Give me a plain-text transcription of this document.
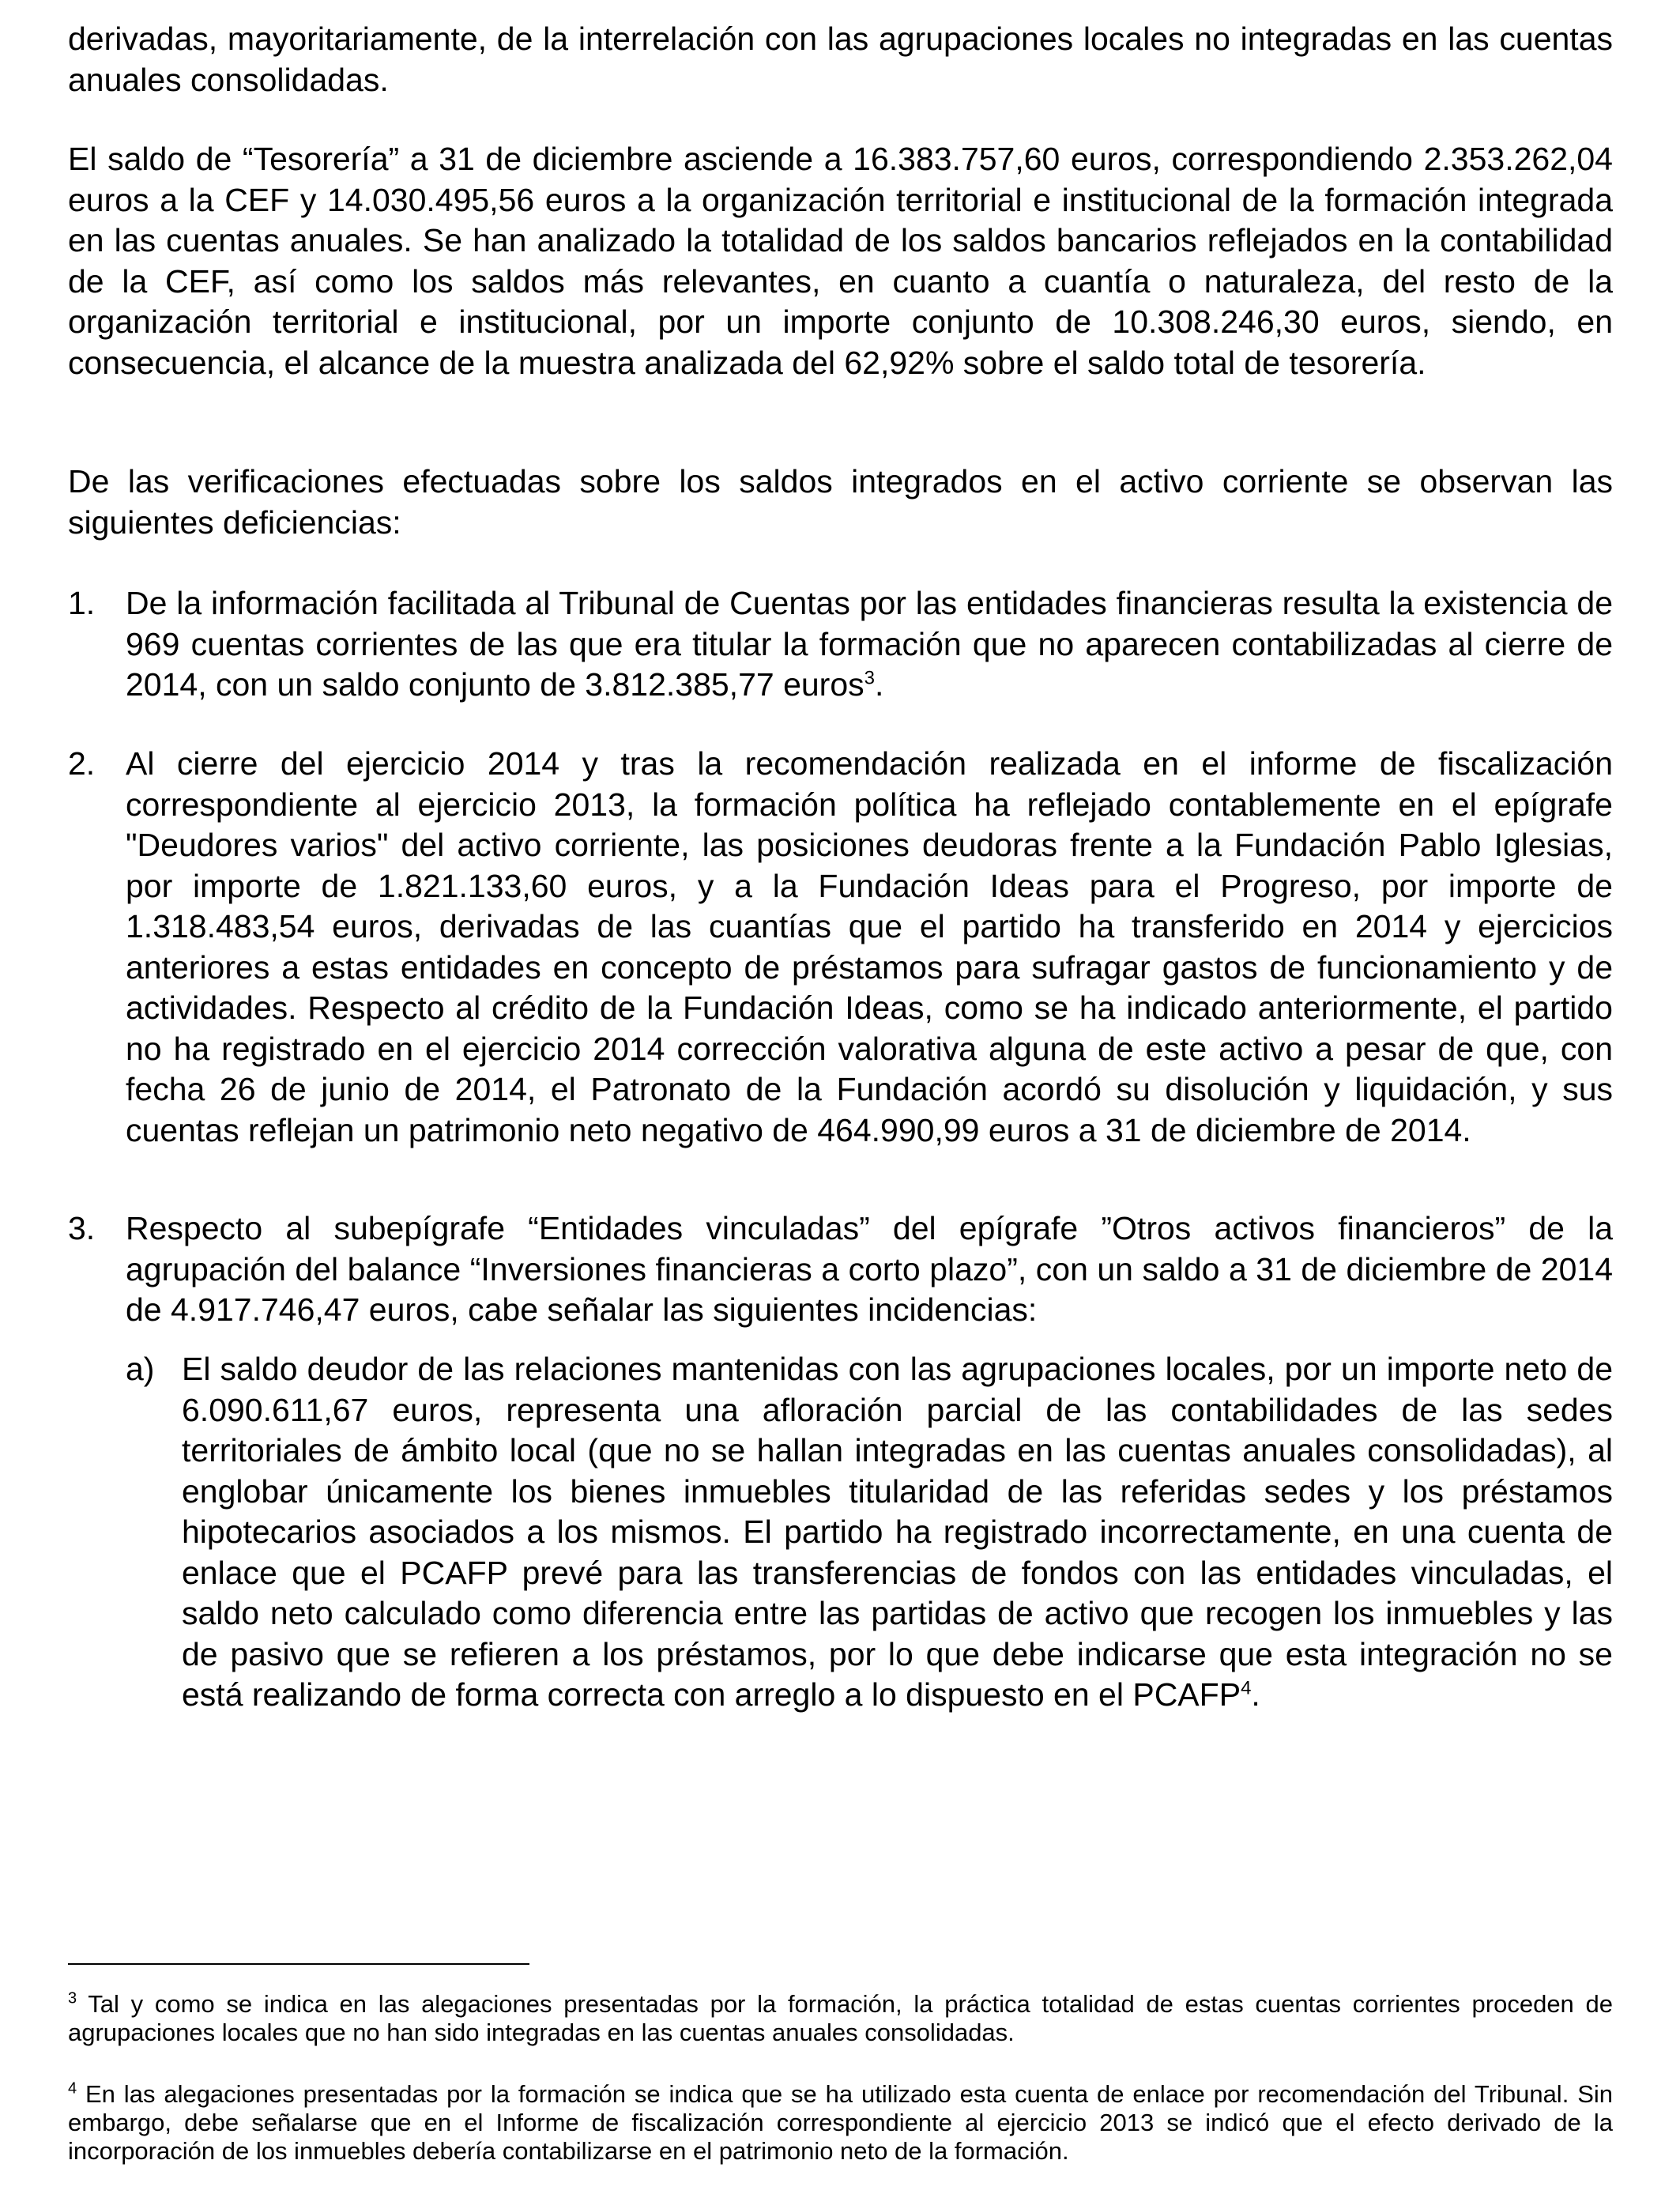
derivadas, mayoritariamente, de la interrelación con las agrupaciones locales no integradas en las cuentas anuales consolidadas.

El saldo de “Tesorería” a 31 de diciembre asciende a 16.383.757,60 euros, correspondiendo 2.353.262,04 euros a la CEF y 14.030.495,56 euros a la organización territorial e institucional de la formación integrada en las cuentas anuales. Se han analizado la totalidad de los saldos bancarios reflejados en la contabilidad de la CEF, así como los saldos más relevantes, en cuanto a cuantía o naturaleza, del resto de la organización territorial e institucional, por un importe conjunto de 10.308.246,30 euros, siendo, en consecuencia, el alcance de la muestra analizada del 62,92% sobre el saldo total de tesorería.

De las verificaciones efectuadas sobre los saldos integrados en el activo corriente se observan las siguientes deficiencias:

1. De la información facilitada al Tribunal de Cuentas por las entidades financieras resulta la existencia de 969 cuentas corrientes de las que era titular la formación que no aparecen contabilizadas al cierre de 2014, con un saldo conjunto de 3.812.385,77 euros$^3$.

2. Al cierre del ejercicio 2014 y tras la recomendación realizada en el informe de fiscalización correspondiente al ejercicio 2013, la formación política ha reflejado contablemente en el epígrafe "Deudores varios" del activo corriente, las posiciones deudoras frente a la Fundación Pablo Iglesias, por importe de 1.821.133,60 euros, y a la Fundación Ideas para el Progreso, por importe de 1.318.483,54 euros, derivadas de las cuantías que el partido ha transferido en 2014 y ejercicios anteriores a estas entidades en concepto de préstamos para sufragar gastos de funcionamiento y de actividades. Respecto al crédito de la Fundación Ideas, como se ha indicado anteriormente, el partido no ha registrado en el ejercicio 2014 corrección valorativa alguna de este activo a pesar de que, con fecha 26 de junio de 2014, el Patronato de la Fundación acordó su disolución y liquidación, y sus cuentas reflejan un patrimonio neto negativo de 464.990,99 euros a 31 de diciembre de 2014.

3. Respecto al subepígrafe “Entidades vinculadas” del epígrafe ”Otros activos financieros” de la agrupación del balance “Inversiones financieras a corto plazo”, con un saldo a 31 de diciembre de 2014 de 4.917.746,47 euros, cabe señalar las siguientes incidencias:

a) El saldo deudor de las relaciones mantenidas con las agrupaciones locales, por un importe neto de 6.090.611,67 euros, representa una afloración parcial de las contabilidades de las sedes territoriales de ámbito local (que no se hallan integradas en las cuentas anuales consolidadas), al englobar únicamente los bienes inmuebles titularidad de las referidas sedes y los préstamos hipotecarios asociados a los mismos. El partido ha registrado incorrectamente, en una cuenta de enlace que el PCAFP prevé para las transferencias de fondos con las entidades vinculadas, el saldo neto calculado como diferencia entre las partidas de activo que recogen los inmuebles y las de pasivo que se refieren a los préstamos, por lo que debe indicarse que esta integración no se está realizando de forma correcta con arreglo a lo dispuesto en el PCAFP$^4$.

$^3$ Tal y como se indica en las alegaciones presentadas por la formación, la práctica totalidad de estas cuentas corrientes proceden de agrupaciones locales que no han sido integradas en las cuentas anuales consolidadas.

$^4$ En las alegaciones presentadas por la formación se indica que se ha utilizado esta cuenta de enlace por recomendación del Tribunal. Sin embargo, debe señalarse que en el Informe de fiscalización correspondiente al ejercicio 2013 se indicó que el efecto derivado de la incorporación de los inmuebles debería contabilizarse en el patrimonio neto de la formación.
